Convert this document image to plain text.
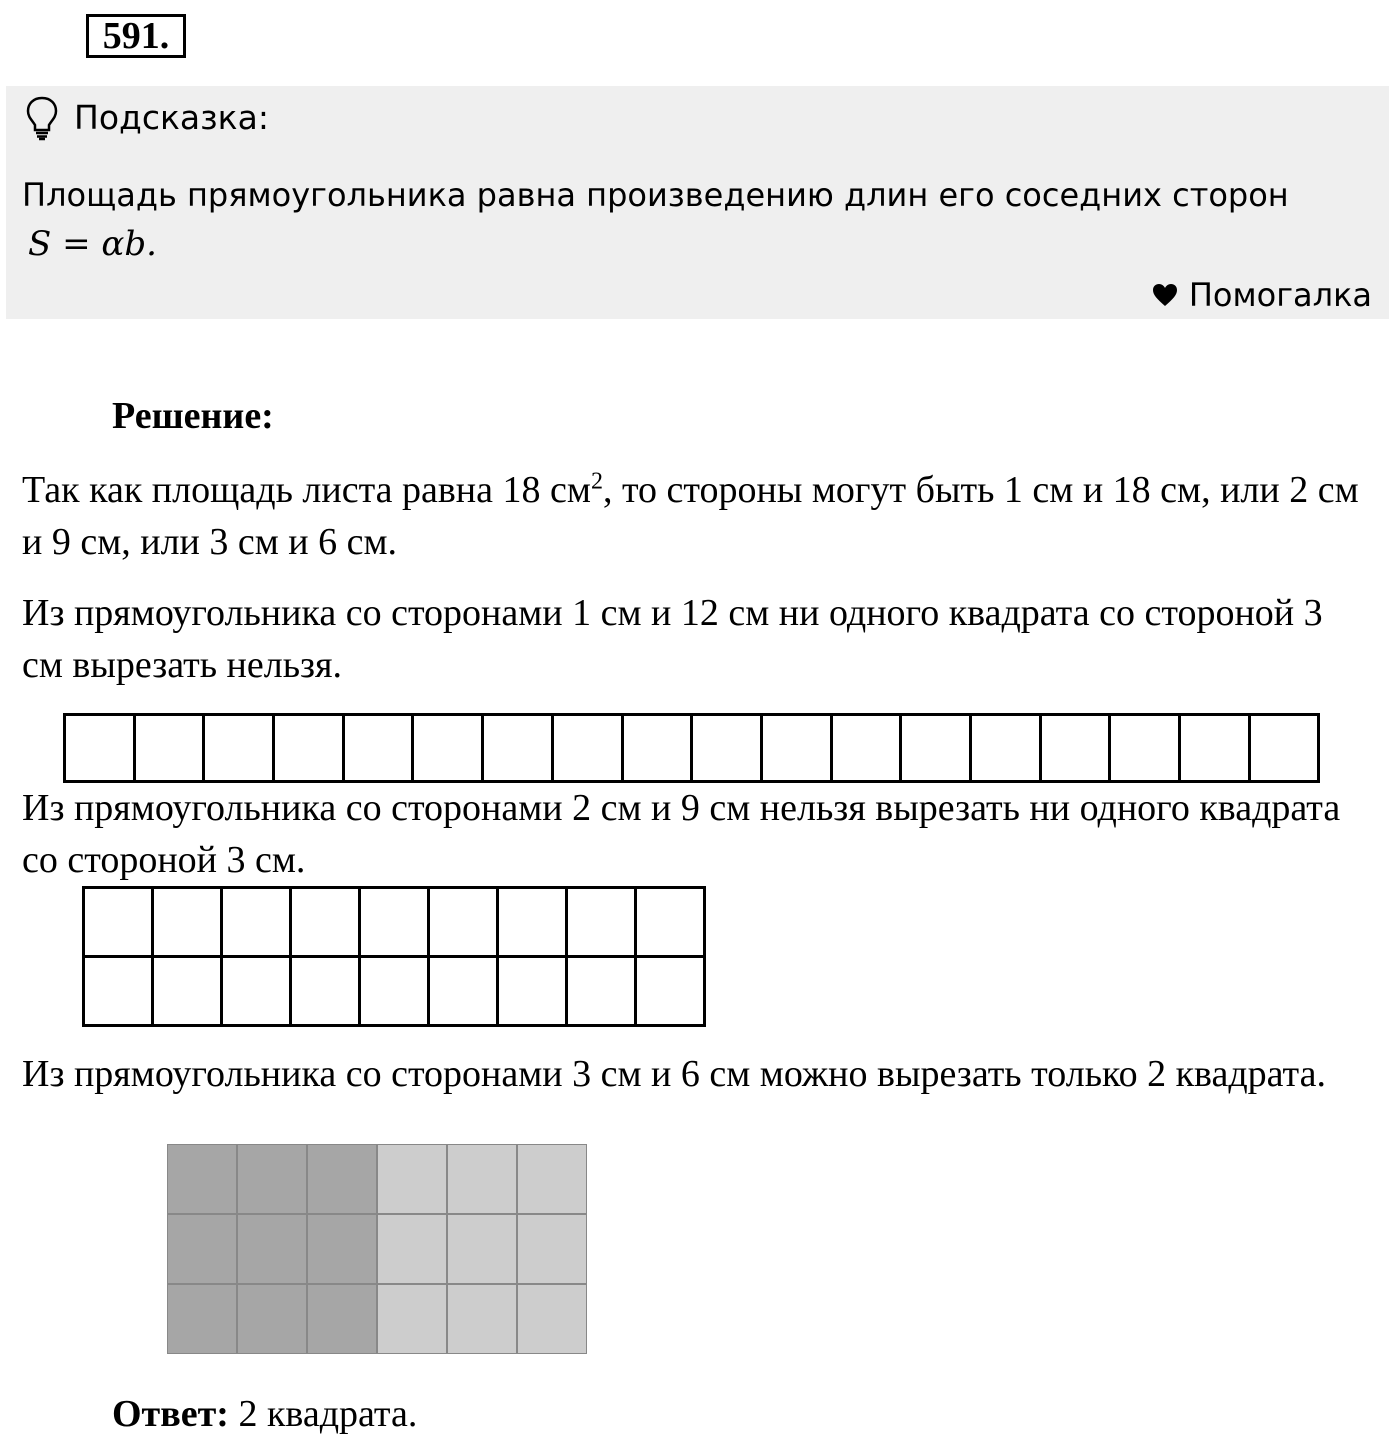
591.
Подсказка:
Площадь прямоугольника равна произведению длин его соседних сторон
S = αb.
Помогалка
Решение:
Так как площадь листа равна 18 $см^2$, то стороны могут быть 1 см и 18 см, или 2 см и 9 см, или 3 см и 6 см.
Из прямоугольника со сторонами 1 см и 12 см ни одного квадрата со стороной 3 см вырезать нельзя.
Из прямоугольника со сторонами 2 см и 9 см нельзя вырезать ни одного квадрата со стороной 3 см.
Из прямоугольника со сторонами 3 см и 6 см можно вырезать только 2 квадрата.
Ответ: 2 квадрата.
